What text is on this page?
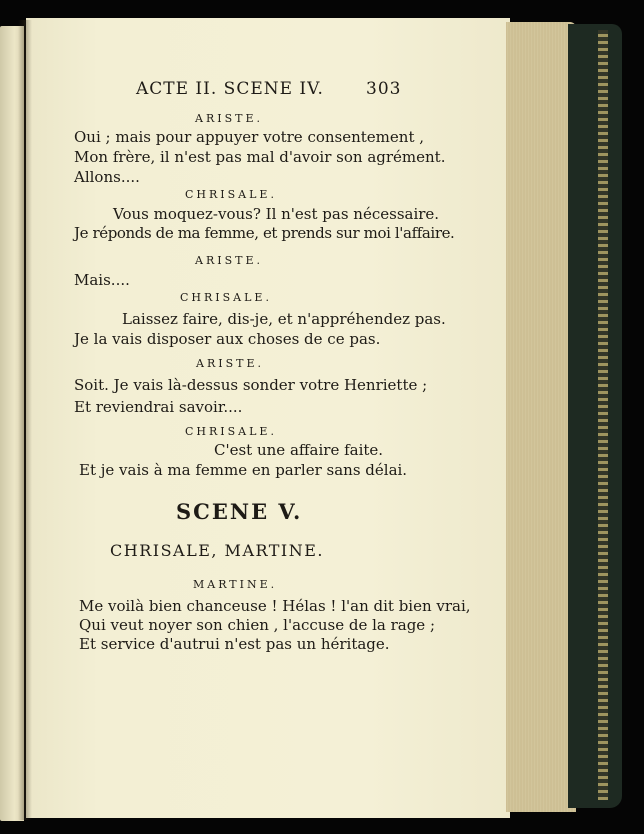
ACTE II. SCENE IV. 303
ARISTE.
Oui ; mais pour appuyer votre consentement ,
Mon frère, il n'est pas mal d'avoir son agrément.
Allons....
CHRISALE.
Vous moquez-vous? Il n'est pas nécessaire.
Je réponds de ma femme, et prends sur moi l'affaire.
ARISTE.
Mais....
CHRISALE.
Laissez faire, dis-je, et n'appréhendez pas.
Je la vais disposer aux choses de ce pas.
ARISTE.
Soit. Je vais là-dessus sonder votre Henriette ;
Et reviendrai savoir....
CHRISALE.
C'est une affaire faite.
Et je vais à ma femme en parler sans délai.
SCENE V.
CHRISALE, MARTINE.
MARTINE.
Me voilà bien chanceuse ! Hélas ! l'an dit bien vrai,
Qui veut noyer son chien , l'accuse de la rage ;
Et service d'autrui n'est pas un héritage.
